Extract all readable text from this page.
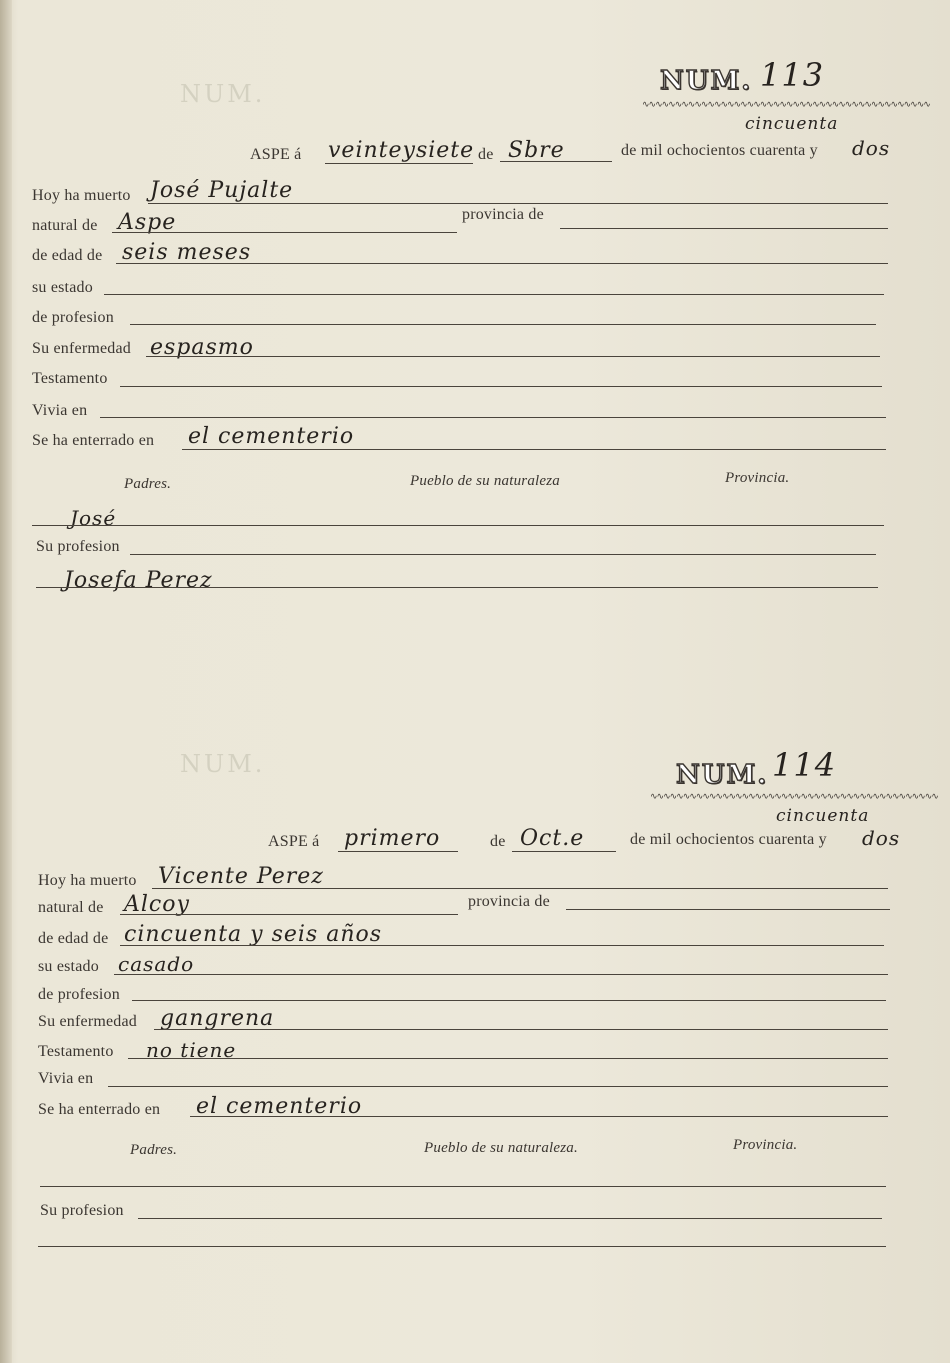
NUM.
NUM.
NUM. 113
∿∿∿∿∿∿∿∿∿∿∿∿∿∿∿∿∿∿∿∿∿∿∿∿∿∿∿∿∿∿∿∿∿∿∿∿∿∿∿∿∿∿∿∿
ASPE á veinteysiete de Sbre
cincuenta
de mil ochocientos cuarenta y dos
Hoy ha muerto José Pujalte
natural de Aspe	provincia de
de edad de seis meses
su estado
de profesion
Su enfermedad espasmo
Testamento
Vivia en
Se ha enterrado en el cementerio
Padres.	Pueblo de su naturaleza	Provincia.
José
Su profesion
Josefa Perez
NUM. 114
∿∿∿∿∿∿∿∿∿∿∿∿∿∿∿∿∿∿∿∿∿∿∿∿∿∿∿∿∿∿∿∿∿∿∿∿∿∿∿∿∿∿∿∿
ASPE á primero	de Oct.e
cincuenta
de mil ochocientos cuarenta y dos
Hoy ha muerto Vicente Perez
natural de Alcoy	provincia de
de edad de cincuenta y seis años
su estado casado
de profesion
Su enfermedad gangrena
Testamento no tiene
Vivia en
Se ha enterrado en el cementerio
Padres.	Pueblo de su naturaleza.	Provincia.
Su profesion
